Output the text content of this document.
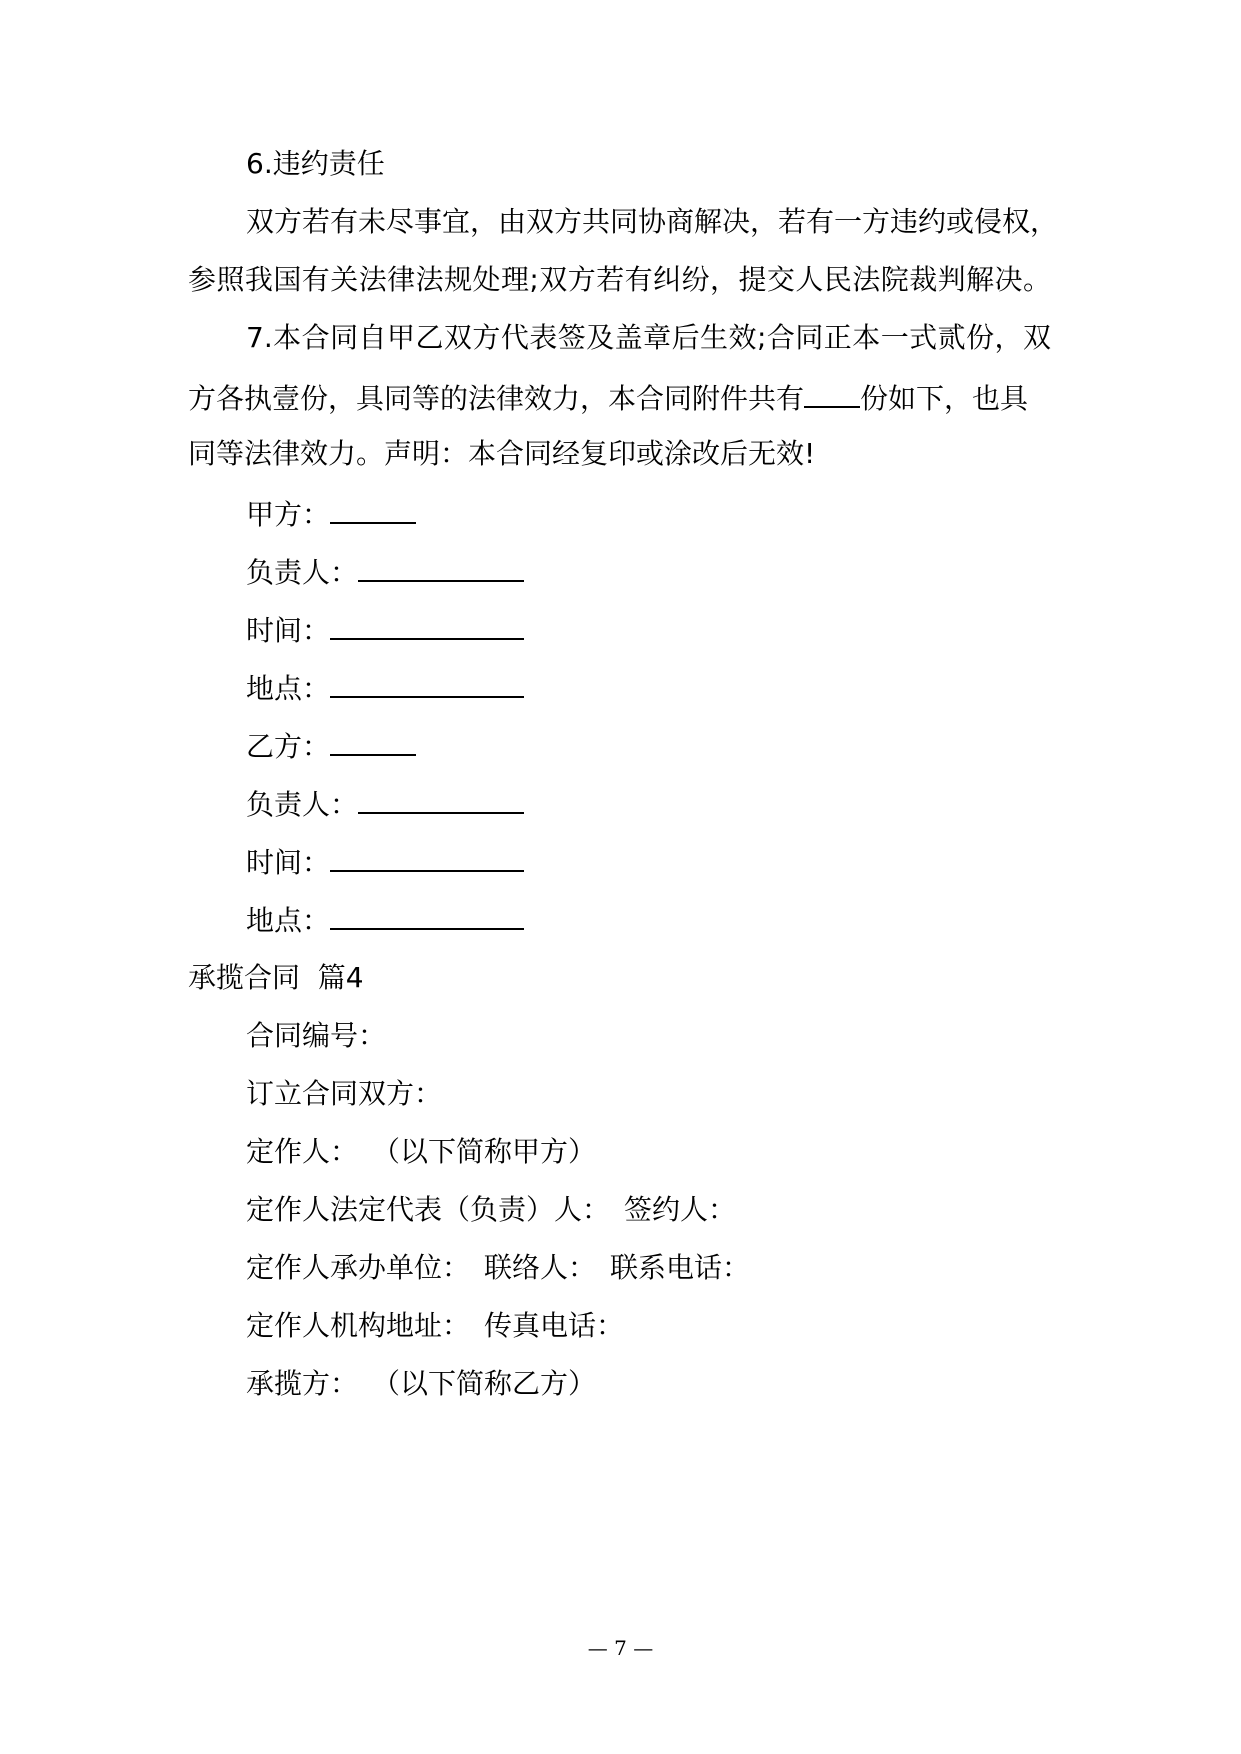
6.违约责任
双方若有未尽事宜，由双方共同协商解决，若有一方违约或侵权，
参照我国有关法律法规处理;双方若有纠纷，提交人民法院裁判解决。
7.本合同自甲乙双方代表签及盖章后生效;合同正本一式贰份，双
方各执壹份，具同等的法律效力，本合同附件共有 份如下，也具
同等法律效力。声明：本合同经复印或涂改后无效!
甲方：
负责人：
时间：
地点：
乙方：
负责人：
时间：
地点：
承揽合同  篇4
合同编号：
订立合同双方：
定作人： （以下简称甲方）
定作人法定代表（负责）人： 签约人：
定作人承办单位： 联络人： 联系电话：
定作人机构地址： 传真电话：
承揽方： （以下简称乙方）
— 7 —
